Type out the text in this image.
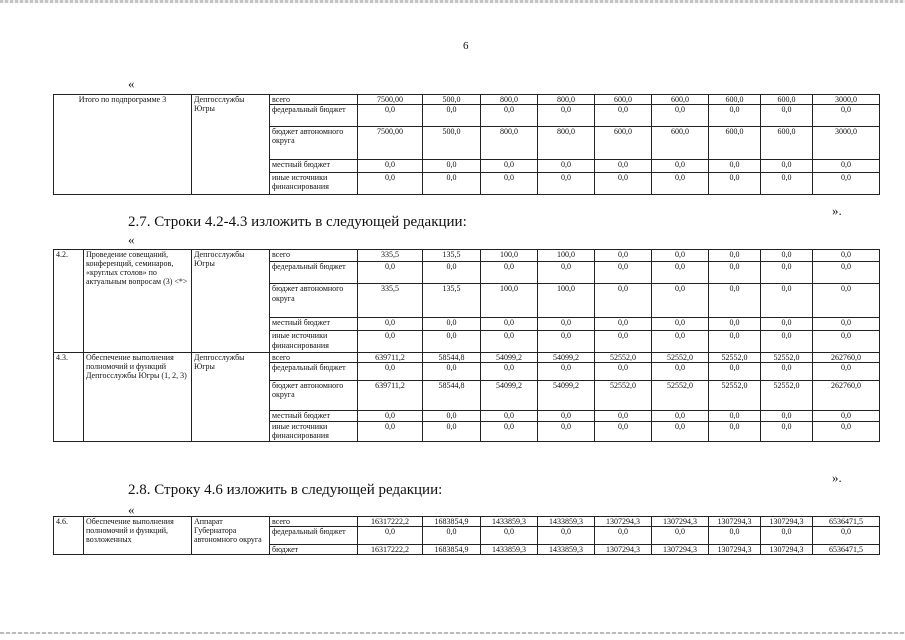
6
«
Итого по подпрограмме 3	Депгосслужбы Югры	всего	7500,00	500,0	800,0	800,0	600,0	600,0	600,0	600,0	3000,0
		федеральный бюджет	0,0	0,0	0,0	0,0	0,0	0,0	0,0	0,0	0,0
		бюджет автономного округа	7500,00	500,0	800,0	800,0	600,0	600,0	600,0	600,0	3000,0
		местный бюджет	0,0	0,0	0,0	0,0	0,0	0,0	0,0	0,0	0,0
		иные источники финансирования	0,0	0,0	0,0	0,0	0,0	0,0	0,0	0,0	0,0
».
2.7. Строки 4.2-4.3 изложить в следующей редакции:
«
4.2.	Проведение совещаний, конференций, семинаров, «круглых столов» по актуальным вопросам (3) <*>	Депгосслужбы Югры	всего	335,5	135,5	100,0	100,0	0,0	0,0	0,0	0,0	0,0
			федеральный бюджет	0,0	0,0	0,0	0,0	0,0	0,0	0,0	0,0	0,0
			бюджет автономного округа	335,5	135,5	100,0	100,0	0,0	0,0	0,0	0,0	0,0
			местный бюджет	0,0	0,0	0,0	0,0	0,0	0,0	0,0	0,0	0,0
			иные источники финансирования	0,0	0,0	0,0	0,0	0,0	0,0	0,0	0,0	0,0
4.3.	Обеспечение выполнения полномочий и функций Депгосслужбы Югры (1, 2, 3)	Депгосслужбы Югры	всего	639711,2	58544,8	54099,2	54099,2	52552,0	52552,0	52552,0	52552,0	262760,0
			федеральный бюджет	0,0	0,0	0,0	0,0	0,0	0,0	0,0	0,0	0,0
			бюджет автономного округа	639711,2	58544,8	54099,2	54099,2	52552,0	52552,0	52552,0	52552,0	262760,0
			местный бюджет	0,0	0,0	0,0	0,0	0,0	0,0	0,0	0,0	0,0
			иные источники финансирования	0,0	0,0	0,0	0,0	0,0	0,0	0,0	0,0	0,0
».
2.8. Строку 4.6 изложить в следующей редакции:
«
4.6.	Обеспечение выполнения полномочий и функций, возложенных	Аппарат Губернатора автономного округа	всего	16317222,2	1683854,9	1433859,3	1433859,3	1307294,3	1307294,3	1307294,3	1307294,3	6536471,5
			федеральный бюджет	0,0	0,0	0,0	0,0	0,0	0,0	0,0	0,0	0,0
			бюджет	16317222,2	1683854,9	1433859,3	1433859,3	1307294,3	1307294,3	1307294,3	1307294,3	6536471,5
